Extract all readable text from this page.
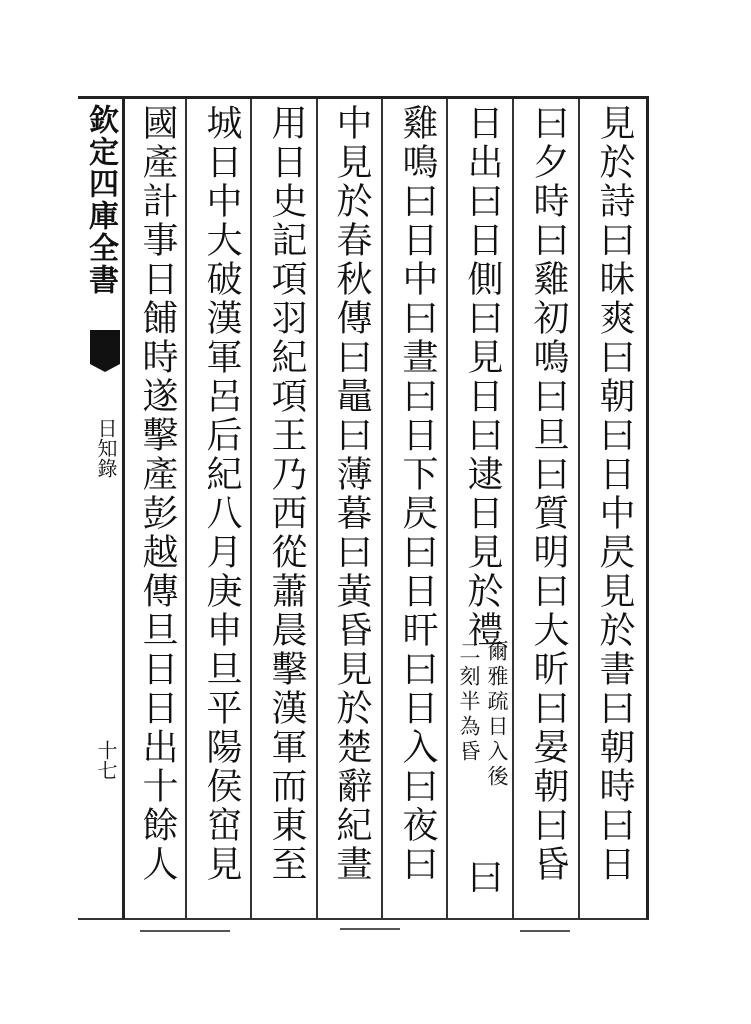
欽定四庫全書
日知錄
十七
見於詩曰昧爽曰朝曰日中昃見於書曰朝時曰日
曰夕時曰雞初鳴曰旦曰質明曰大昕曰晏朝曰昏
日出曰日側曰見日曰逮日見於禮
爾雅疏日入後
二刻半為昏
曰
雞鳴曰日中曰晝曰日下昃曰日旰曰日入曰夜曰
中見於春秋傳曰鼂曰薄暮曰黃昏見於楚辭紀晝
用日史記項羽紀項王乃西從蕭晨擊漢軍而東至
城日中大破漢軍呂后紀八月庚申旦平陽侯窋見
國產計事日餔時遂擊產彭越傳旦日日出十餘人
